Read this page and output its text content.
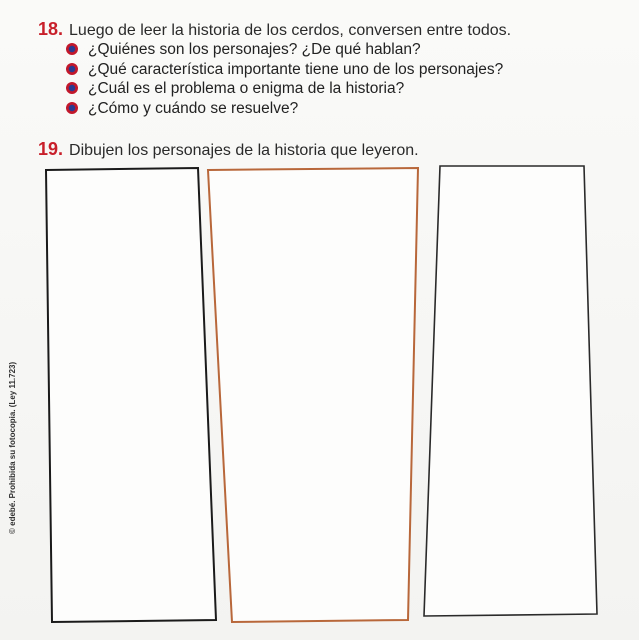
18. Luego de leer la historia de los cerdos, conversen entre todos.
¿Quiénes son los personajes? ¿De qué hablan?
¿Qué característica importante tiene uno de los personajes?
¿Cuál es el problema o enigma de la historia?
¿Cómo y cuándo se resuelve?
19. Dibujen los personajes de la historia que leyeron.
© edebé. Prohibida su fotocopia. (Ley 11.723)
